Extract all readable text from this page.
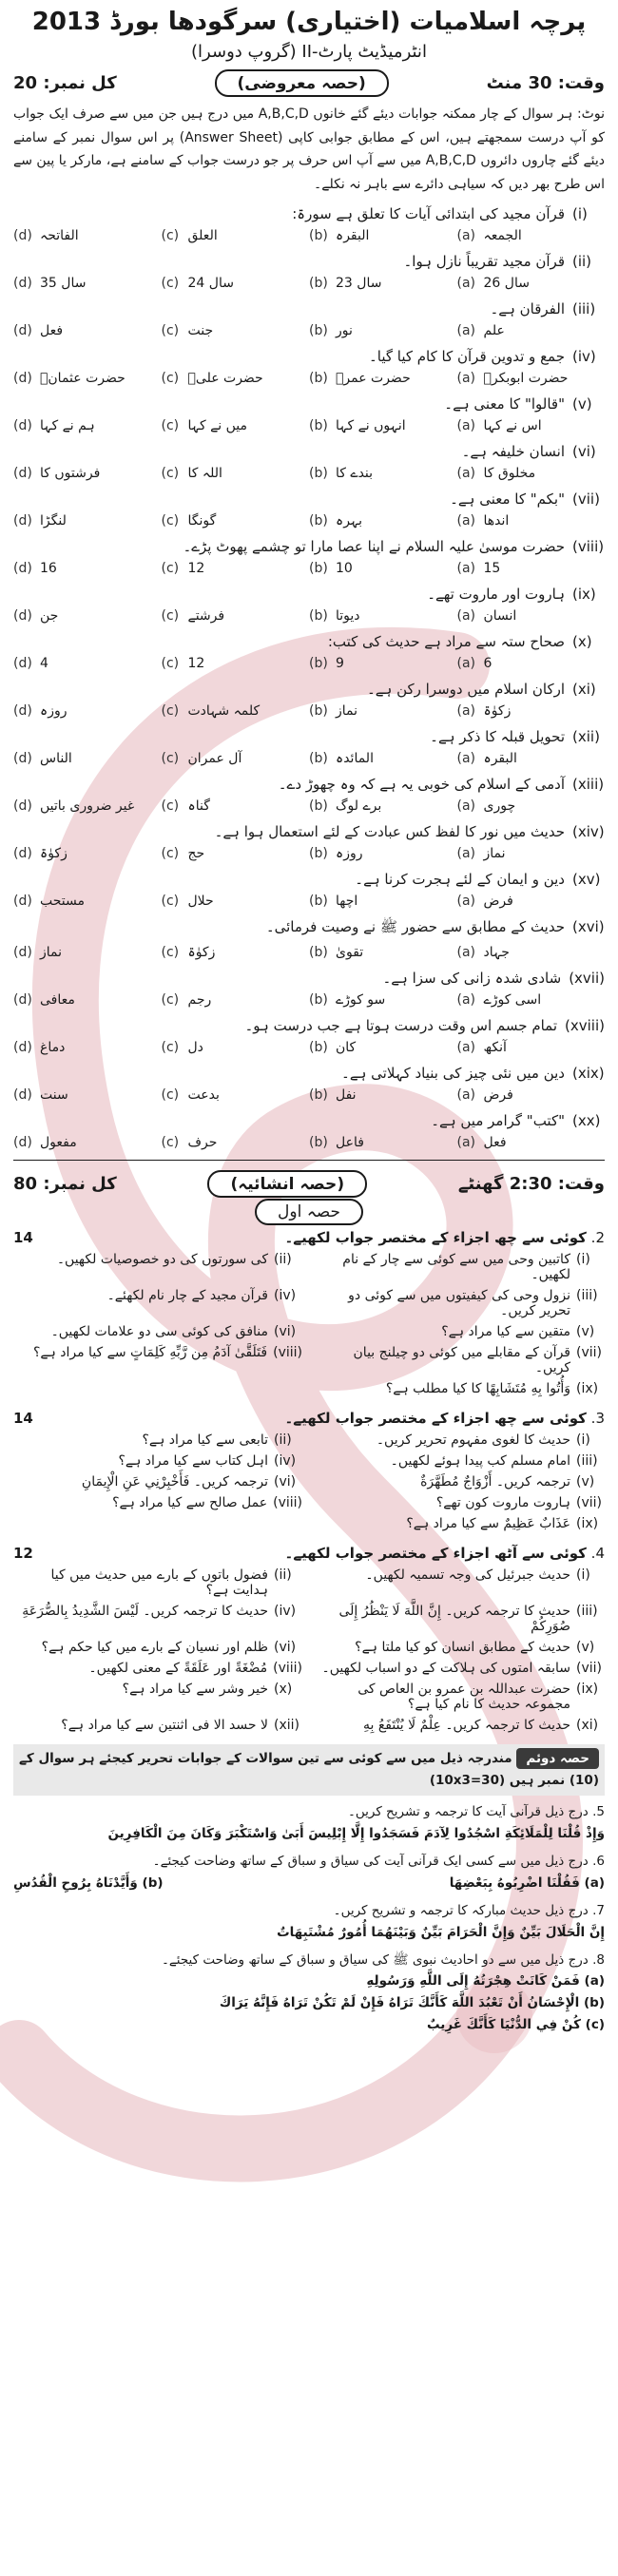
پرچہ اسلامیات (اختیاری) سرگودھا بورڈ 2013
انٹرمیڈیٹ پارٹ-II (گروپ دوسرا)
وقت: 30 منٹ
(حصہ معروضی)
کل نمبر: 20
نوٹ: ہر سوال کے چار ممکنہ جوابات دیئے گئے خانوں A,B,C,D میں درج ہیں جن میں سے صرف ایک جواب کو آپ درست سمجھتے ہیں، اس کے مطابق جوابی کاپی (Answer Sheet) پر اس سوال نمبر کے سامنے دیئے گئے چاروں دائروں A,B,C,D میں سے آپ اس حرف پر جو درست جواب کے سامنے ہے، مارکر یا پین سے اس طرح بھر دیں کہ سیاہی دائرے سے باہر نہ نکلے۔
(i)
قرآن مجید کی ابتدائی آیات کا تعلق ہے سورۃ:
(d) الفاتحہ	(c) العلق	(b) البقرہ	(a) الجمعہ
(ii)
قرآن مجید تقریباً نازل ہوا۔
(d) 35 سال	(c) 24 سال	(b) 23 سال	(a) 26 سال
(iii)
الفرقان ہے۔
(d) فعل	(c) جنت	(b) نور	(a) علم
(iv)
جمع و تدوین قرآن کا کام کیا گیا۔
(d) حضرت عثمانؓ	(c) حضرت علیؓ	(b) حضرت عمرؓ	(a) حضرت ابوبکرؓ
(v)
"قالوا" کا معنی ہے۔
(d) ہم نے کہا	(c) میں نے کہا	(b) انہوں نے کہا	(a) اس نے کہا
(vi)
انسان خلیفہ ہے۔
(d) فرشتوں کا	(c) اللہ کا	(b) بندے کا	(a) مخلوق کا
(vii)
"بکم" کا معنی ہے۔
(d) لنگڑا	(c) گونگا	(b) بہرہ	(a) اندھا
(viii)
حضرت موسیٰ علیہ السلام نے اپنا عصا مارا تو چشمے پھوٹ پڑے۔
(d) 16	(c) 12	(b) 10	(a) 15
(ix)
ہاروت اور ماروت تھے۔
(d) جن	(c) فرشتے	(b) دیوتا	(a) انسان
(x)
صحاح ستہ سے مراد ہے حدیث کی کتب:
(d) 4	(c) 12	(b) 9	(a) 6
(xi)
ارکان اسلام میں دوسرا رکن ہے۔
(d) روزہ	(c) کلمہ شہادت	(b) نماز	(a) زکوٰۃ
(xii)
تحویل قبلہ کا ذکر ہے۔
(d) الناس	(c) آل عمران	(b) المائدہ	(a) البقرہ
(xiii)
آدمی کے اسلام کی خوبی یہ ہے کہ وہ چھوڑ دے۔
(d) غیر ضروری باتیں (c) گناہ	(b) برے لوگ	(a) چوری
(xiv)
حدیث میں نور کا لفظ کس عبادت کے لئے استعمال ہوا ہے۔
(d) زکوٰۃ	(c) حج	(b) روزہ	(a) نماز
(xv)
دین و ایمان کے لئے ہجرت کرنا ہے۔
(d) مستحب	(c) حلال	(b) اچھا	(a) فرض
(xvi)
حدیث کے مطابق سے حضور ﷺ نے وصیت فرمائی۔
(d) نماز	(c) زکوٰۃ	(b) تقویٰ	(a) جہاد
(xvii)
شادی شدہ زانی کی سزا ہے۔
(d) معافی	(c) رجم	(b) سو کوڑے	(a) اسی کوڑے
(xviii)
تمام جسم اس وقت درست ہوتا ہے جب درست ہو۔
(d) دماغ	(c) دل	(b) کان	(a) آنکھ
(xix)
دین میں نئی چیز کی بنیاد کہلاتی ہے۔
(d) سنت	(c) بدعت	(b) نفل	(a) فرض
(xx)
"کتب" گرامر میں ہے۔
(d) مفعول	(c) حرف	(b) فاعل	(a) فعل
وقت: 2:30 گھنٹے
(حصہ انشائیہ)
کل نمبر: 80
حصہ اول
2. کوئی سے چھ اجزاء کے مختصر جواب لکھیے۔
14
(i)
کاتبین وحی میں سے کوئی سے چار کے نام لکھیں۔
(ii)
کی سورتوں کی دو خصوصیات لکھیں۔
(iii)
نزول وحی کی کیفیتوں میں سے کوئی دو تحریر کریں۔
(iv)
قرآن مجید کے چار نام لکھئے۔
(v)
متقین سے کیا مراد ہے؟
(vi)
منافق کی کوئی سی دو علامات لکھیں۔
(vii)
قرآن کے مقابلے میں کوئی دو چیلنج بیان کریں۔
(viii)
فَتَلَقَّىٰ آدَمُ مِن رَّبِّهِ كَلِمَاتٍ سے کیا مراد ہے؟
(ix)
وَأُتُوا بِهِ مُتَشَابِهًا کا کیا مطلب ہے؟
3. کوئی سے چھ اجزاء کے مختصر جواب لکھیے۔
14
(i)
حدیث کا لغوی مفہوم تحریر کریں۔
(ii)
تابعی سے کیا مراد ہے؟
(iii)
امام مسلم کب پیدا ہوئے لکھیں۔
(iv)
اہل کتاب سے کیا مراد ہے؟
(v)
ترجمہ کریں۔ أَزْوَاجٌ مُطَهَّرَةٌ
(vi)
ترجمہ کریں۔ فَأَخْبِرْنِي عَنِ الْإِيمَانِ
(vii)
ہاروت ماروت کون تھے؟
(viii)
عمل صالح سے کیا مراد ہے؟
(ix)
عَذَابٌ عَظِيمٌ سے کیا مراد ہے؟
4. کوئی سے آٹھ اجزاء کے مختصر جواب لکھیے۔
12
(i)
حدیث جبرئیل کی وجہ تسمیہ لکھیں۔
(ii)
فضول باتوں کے بارے میں حدیث میں کیا ہدایت ہے؟
(iii)
حدیث کا ترجمہ کریں۔ إِنَّ اللَّهَ لَا يَنْظُرُ إِلَى صُوَرِكُمْ
(iv)
حدیث کا ترجمہ کریں۔ لَيْسَ الشَّدِيدُ بِالصُّرَعَةِ
(v)
حدیث کے مطابق انسان کو کیا ملتا ہے؟
(vi)
ظلم اور نسیان کے بارے میں کیا حکم ہے؟
(vii)
سابقہ امتوں کی ہلاکت کے دو اسباب لکھیں۔
(viii)
مُضْغَةً اور عَلَقَةً کے معنی لکھیں۔
(ix)
حضرت عبداللہ بن عمرو بن العاص کی مجموعہ حدیث کا نام کیا ہے؟
(x)
خیر وشر سے کیا مراد ہے؟
(xi)
حدیث کا ترجمہ کریں۔ عِلْمٌ لَا يُنْتَفَعُ بِهِ
(xii)
لا حسد الا فی اثنتین سے کیا مراد ہے؟
حصہ دوئم مندرجہ ذیل میں سے کوئی سے تین سوالات کے جوابات تحریر کیجئے ہر سوال کے (10) نمبر ہیں (10x3=30)
5. درج ذیل قرآنی آیت کا ترجمہ و تشریح کریں۔
وَإِذْ قُلْنَا لِلْمَلَائِكَةِ اسْجُدُوا لِآدَمَ فَسَجَدُوا إِلَّا إِبْلِيسَ أَبَىٰ وَاسْتَكْبَرَ وَكَانَ مِنَ الْكَافِرِينَ
6. درج ذیل میں سے کسی ایک قرآنی آیت کی سیاق و سباق کے ساتھ وضاحت کیجئے۔
(a) فَقُلْنَا اضْرِبُوهُ بِبَعْضِهَا
(b) وَأَيَّدْنَاهُ بِرُوحِ الْقُدُسِ
7. درج ذیل حدیث مبارکہ کا ترجمہ و تشریح کریں۔
إِنَّ الْحَلَالَ بَيِّنٌ وَإِنَّ الْحَرَامَ بَيِّنٌ وَبَيْنَهُمَا أُمُورٌ مُشْتَبِهَاتٌ
8. درج ذیل میں سے دو احادیث نبوی ﷺ کی سیاق و سباق کے ساتھ وضاحت کیجئے۔
(a) فَمَنْ كَانَتْ هِجْرَتُهُ إِلَى اللَّهِ وَرَسُولِهِ
(b) الْإِحْسَانُ أَنْ تَعْبُدَ اللَّهَ كَأَنَّكَ تَرَاهُ فَإِنْ لَمْ تَكُنْ تَرَاهُ فَإِنَّهُ يَرَاكَ
(c) كُنْ فِي الدُّنْيَا كَأَنَّكَ غَرِيبٌ
